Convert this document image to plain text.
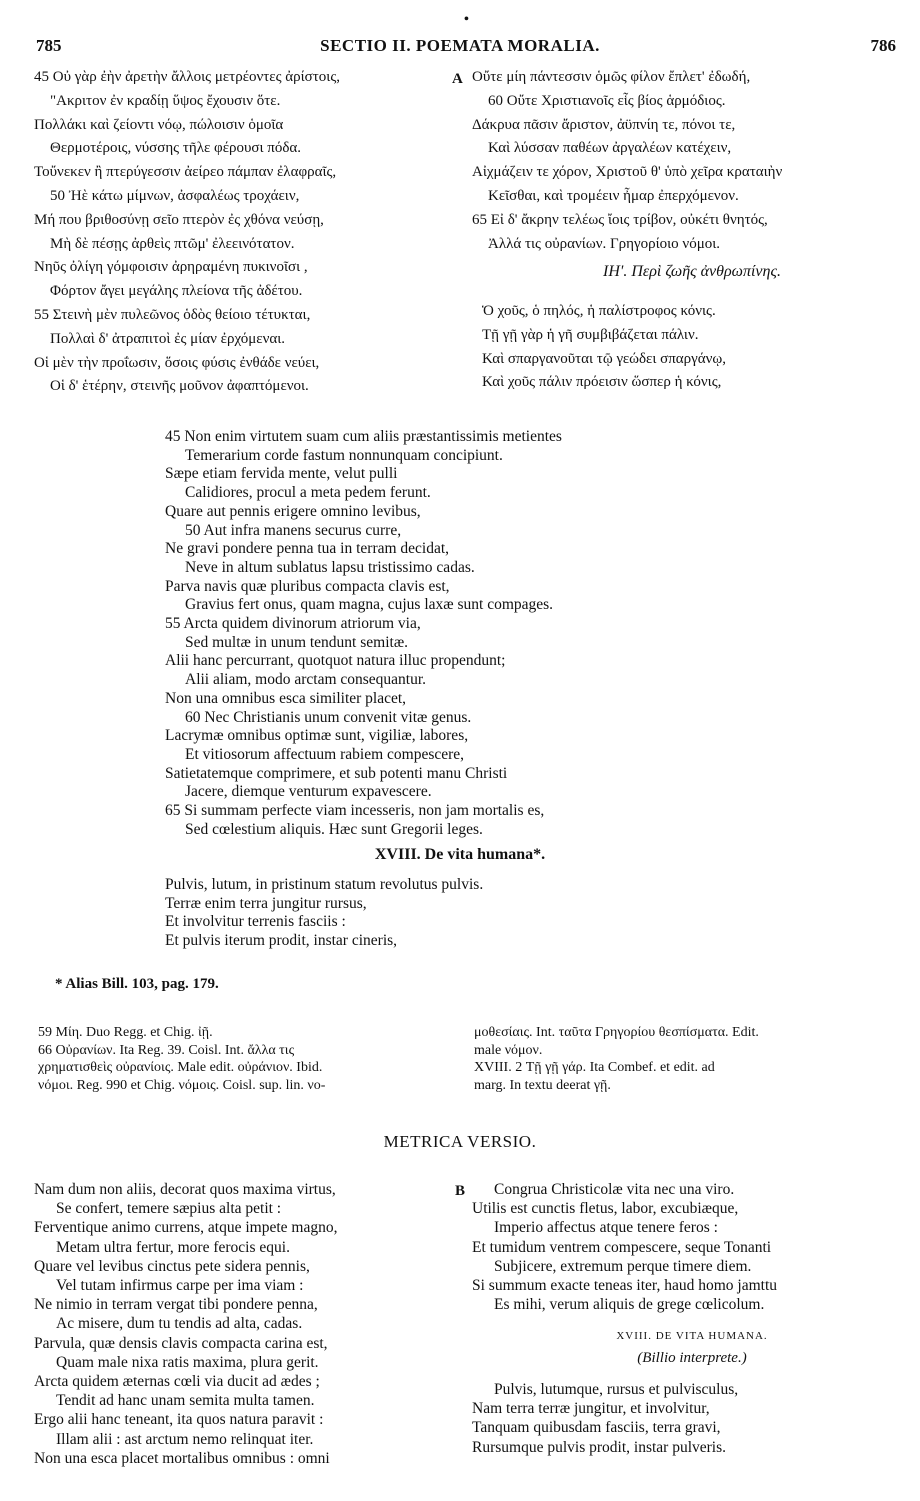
•
785	SECTIO II. POEMATA MORALIA.	786
45 Οὐ γὰρ ἐὴν ἀρετὴν ἄλλοις μετρέοντες ἀρίστοις,
"Ακριτον ἐν κραδίῃ ὕψος ἔχουσιν ὅτε.
Πολλάκι καὶ ζείοντι νόῳ, πώλοισιν ὁμοῖα
Θερμοτέροις, νύσσης τῆλε φέρουσι πόδα.
Τοὔνεκεν ἢ πτερύγεσσιν ἀείρεο πάμπαν ἐλαφραῖς,
50 Ἠὲ κάτω μίμνων, ἀσφαλέως τροχάειν,
Μή που βριθοσύνῃ σεῖο πτερὸν ἐς χθόνα νεύσῃ,
Μὴ δὲ πέσῃς ἀρθεὶς πτῶμ' ἐλεεινότατον.
Νηῦς ὀλίγη γόμφοισιν ἀρηραμένη πυκινοῖσι ,
Φόρτον ἄγει μεγάλης πλείονα τῆς ἀδέτου.
55 Στεινὴ μὲν πυλεῶνος ὁδὸς θείοιο τέτυκται,
Πολλαὶ δ' ἀτραπιτοὶ ἐς μίαν ἐρχόμεναι.
Οἱ μὲν τὴν προΐωσιν, ὅσοις φύσις ἐνθάδε νεύει,
Οἱ δ' ἑτέρην, στεινῆς μοῦνον ἀφαπτόμενοι.
A Οὔτε μίη πάντεσσιν ὁμῶς φίλον ἔπλετ' ἐδωδή,
60 Οὔτε Χριστιανοῖς εἷς βίος ἁρμόδιος.
Δάκρυα πᾶσιν ἄριστον, ἀϋπνίη τε, πόνοι τε,
Καὶ λύσσαν παθέων ἀργαλέων κατέχειν,
Αἰχμάζειν τε χόρον, Χριστοῦ θ' ὑπὸ χεῖρα κραταιὴν
Κεῖσθαι, καὶ τρομέειν ἦμαρ ἐπερχόμενον.
65 Εἰ δ' ἄκρην τελέως ἴοις τρίβον, οὐκέτι θνητός,
Ἀλλά τις οὐρανίων. Γρηγορίοιο νόμοι.
ΙΗ'. Περὶ ζωῆς ἀνθρωπίνης.
Ὁ χοῦς, ὁ πηλός, ἡ παλίστροφος κόνις.
Τῇ γῇ γὰρ ἡ γῆ συμβιβάζεται πάλιν.
Καὶ σπαργανοῦται τῷ γεώδει σπαργάνῳ,
Καὶ χοῦς πάλιν πρόεισιν ὥσπερ ἡ κόνις,
45 Non enim virtutem suam cum aliis præstantissimis metientes
Temerarium corde fastum nonnunquam concipiunt.
Sæpe etiam fervida mente, velut pulli
Calidiores, procul a meta pedem ferunt.
Quare aut pennis erigere omnino levibus,
50 Aut infra manens securus curre,
Ne gravi pondere penna tua in terram decidat,
Neve in altum sublatus lapsu tristissimo cadas.
Parva navis quæ pluribus compacta clavis est,
Gravius fert onus, quam magna, cujus laxæ sunt compages.
55 Arcta quidem divinorum atriorum via,
Sed multæ in unum tendunt semitæ.
Alii hanc percurrant, quotquot natura illuc propendunt;
Alii aliam, modo arctam consequantur.
Non una omnibus esca similiter placet,
60 Nec Christianis unum convenit vitæ genus.
Lacrymæ omnibus optimæ sunt, vigiliæ, labores,
Et vitiosorum affectuum rabiem compescere,
Satietatemque comprimere, et sub potenti manu Christi
Jacere, diemque venturum expavescere.
65 Si summam perfecte viam incesseris, non jam mortalis es,
Sed cœlestium aliquis. Hæc sunt Gregorii leges.
XVIII. De vita humana*.
Pulvis, lutum, in pristinum statum revolutus pulvis.
Terræ enim terra jungitur rursus,
Et involvitur terrenis fasciis :
Et pulvis iterum prodit, instar cineris,
* Alias Bill. 103, pag. 179.
59 Μίη. Duo Regg. et Chig. ἰῇ.
66 Οὐρανίων. Ita Reg. 39. Coisl. Int. ἄλλα τις
χρηματισθεὶς οὐρανίοις. Male edit. οὐράνιον. Ibid.
νόμοι. Reg. 990 et Chig. νόμοις. Coisl. sup. lin. νο-
μοθεσίαις. Int. ταῦτα Γρηγορίου θεσπίσματα. Edit.
male νόμον.
XVIII. 2 Τῇ γῇ γάρ. Ita Combef. et edit. ad
marg. In textu deerat γῇ.
METRICA VERSIO.
Nam dum non aliis, decorat quos maxima virtus,
Se confert, temere sæpius alta petit :
Ferventique animo currens, atque impete magno,
Metam ultra fertur, more ferocis equi.
Quare vel levibus cinctus pete sidera pennis,
Vel tutam infirmus carpe per ima viam :
Ne nimio in terram vergat tibi pondere penna,
Ac misere, dum tu tendis ad alta, cadas.
Parvula, quæ densis clavis compacta carina est,
Quam male nixa ratis maxima, plura gerit.
Arcta quidem æternas cœli via ducit ad ædes ;
Tendit ad hanc unam semita multa tamen.
Ergo alii hanc teneant, ita quos natura paravit :
Illam alii : ast arctum nemo relinquat iter.
Non una esca placet mortalibus omnibus : omni
B	Congrua Christicolæ vita nec una viro.
Utilis est cunctis fletus, labor, excubiæque,
Imperio affectus atque tenere feros :
Et tumidum ventrem compescere, seque Tonanti
Subjicere, extremum perque timere diem.
Si summum exacte teneas iter, haud homo jamttu
Es mihi, verum aliquis de grege cœlicolum.
XVIII. DE VITA HUMANA.
(Billio interprete.)
Pulvis, lutumque, rursus et pulvisculus,
Nam terra terræ jungitur, et involvitur,
Tanquam quibusdam fasciis, terra gravi,
Rursumque pulvis prodit, instar pulveris.
